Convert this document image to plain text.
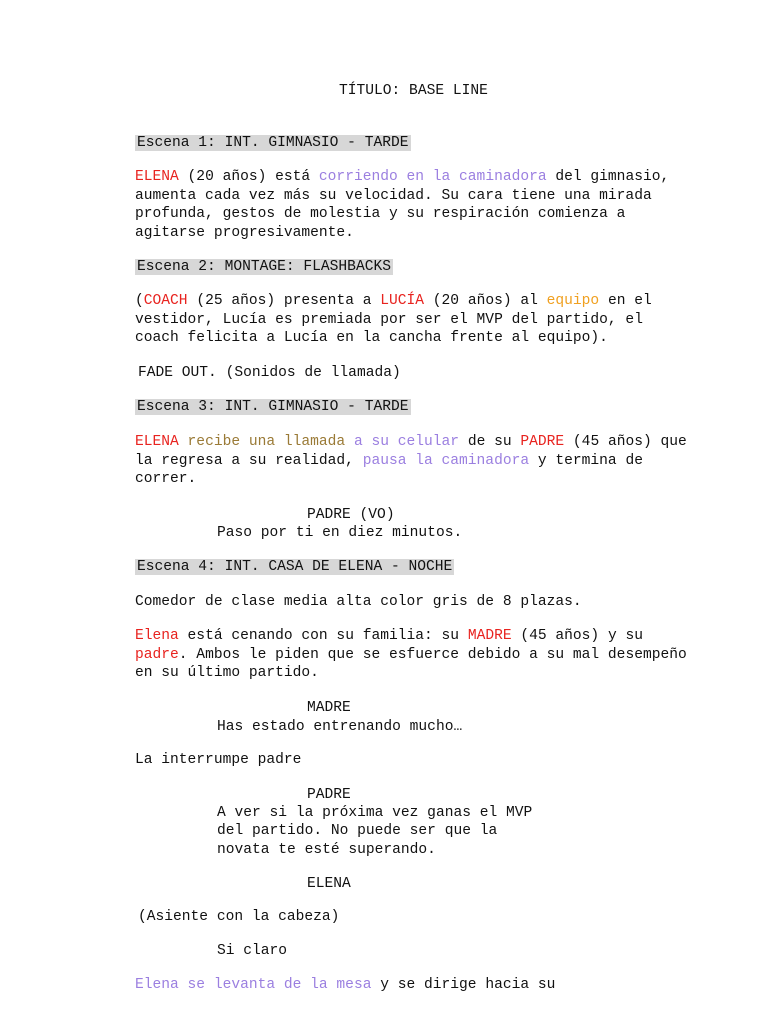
TÍTULO: BASE LINE
Escena 1: INT. GIMNASIO - TARDE
ELENA (20 años) está corriendo en la caminadora del gimnasio, aumenta cada vez más su velocidad. Su cara tiene una mirada profunda, gestos de molestia y su respiración comienza a agitarse progresivamente.
Escena 2: MONTAGE: FLASHBACKS
(COACH (25 años) presenta a LUCÍA (20 años) al equipo en el vestidor, Lucía es premiada por ser el MVP del partido, el coach felicita a Lucía en la cancha frente al equipo).
FADE OUT. (Sonidos de llamada)
Escena 3: INT. GIMNASIO - TARDE
ELENA recibe una llamada a su celular de su PADRE (45 años) que la regresa a su realidad, pausa la caminadora y termina de correr.
PADRE (VO)
Paso por ti en diez minutos.
Escena 4: INT. CASA DE ELENA - NOCHE
Comedor de clase media alta color gris de 8 plazas.
Elena está cenando con su familia: su MADRE (45 años) y su padre. Ambos le piden que se esfuerce debido a su mal desempeño en su último partido.
MADRE
Has estado entrenando mucho…
La interrumpe padre
PADRE
A ver si la próxima vez ganas el MVP
del partido. No puede ser que la
novata te esté superando.
ELENA
(Asiente con la cabeza)
Si claro
Elena se levanta de la mesa y se dirige hacia su
